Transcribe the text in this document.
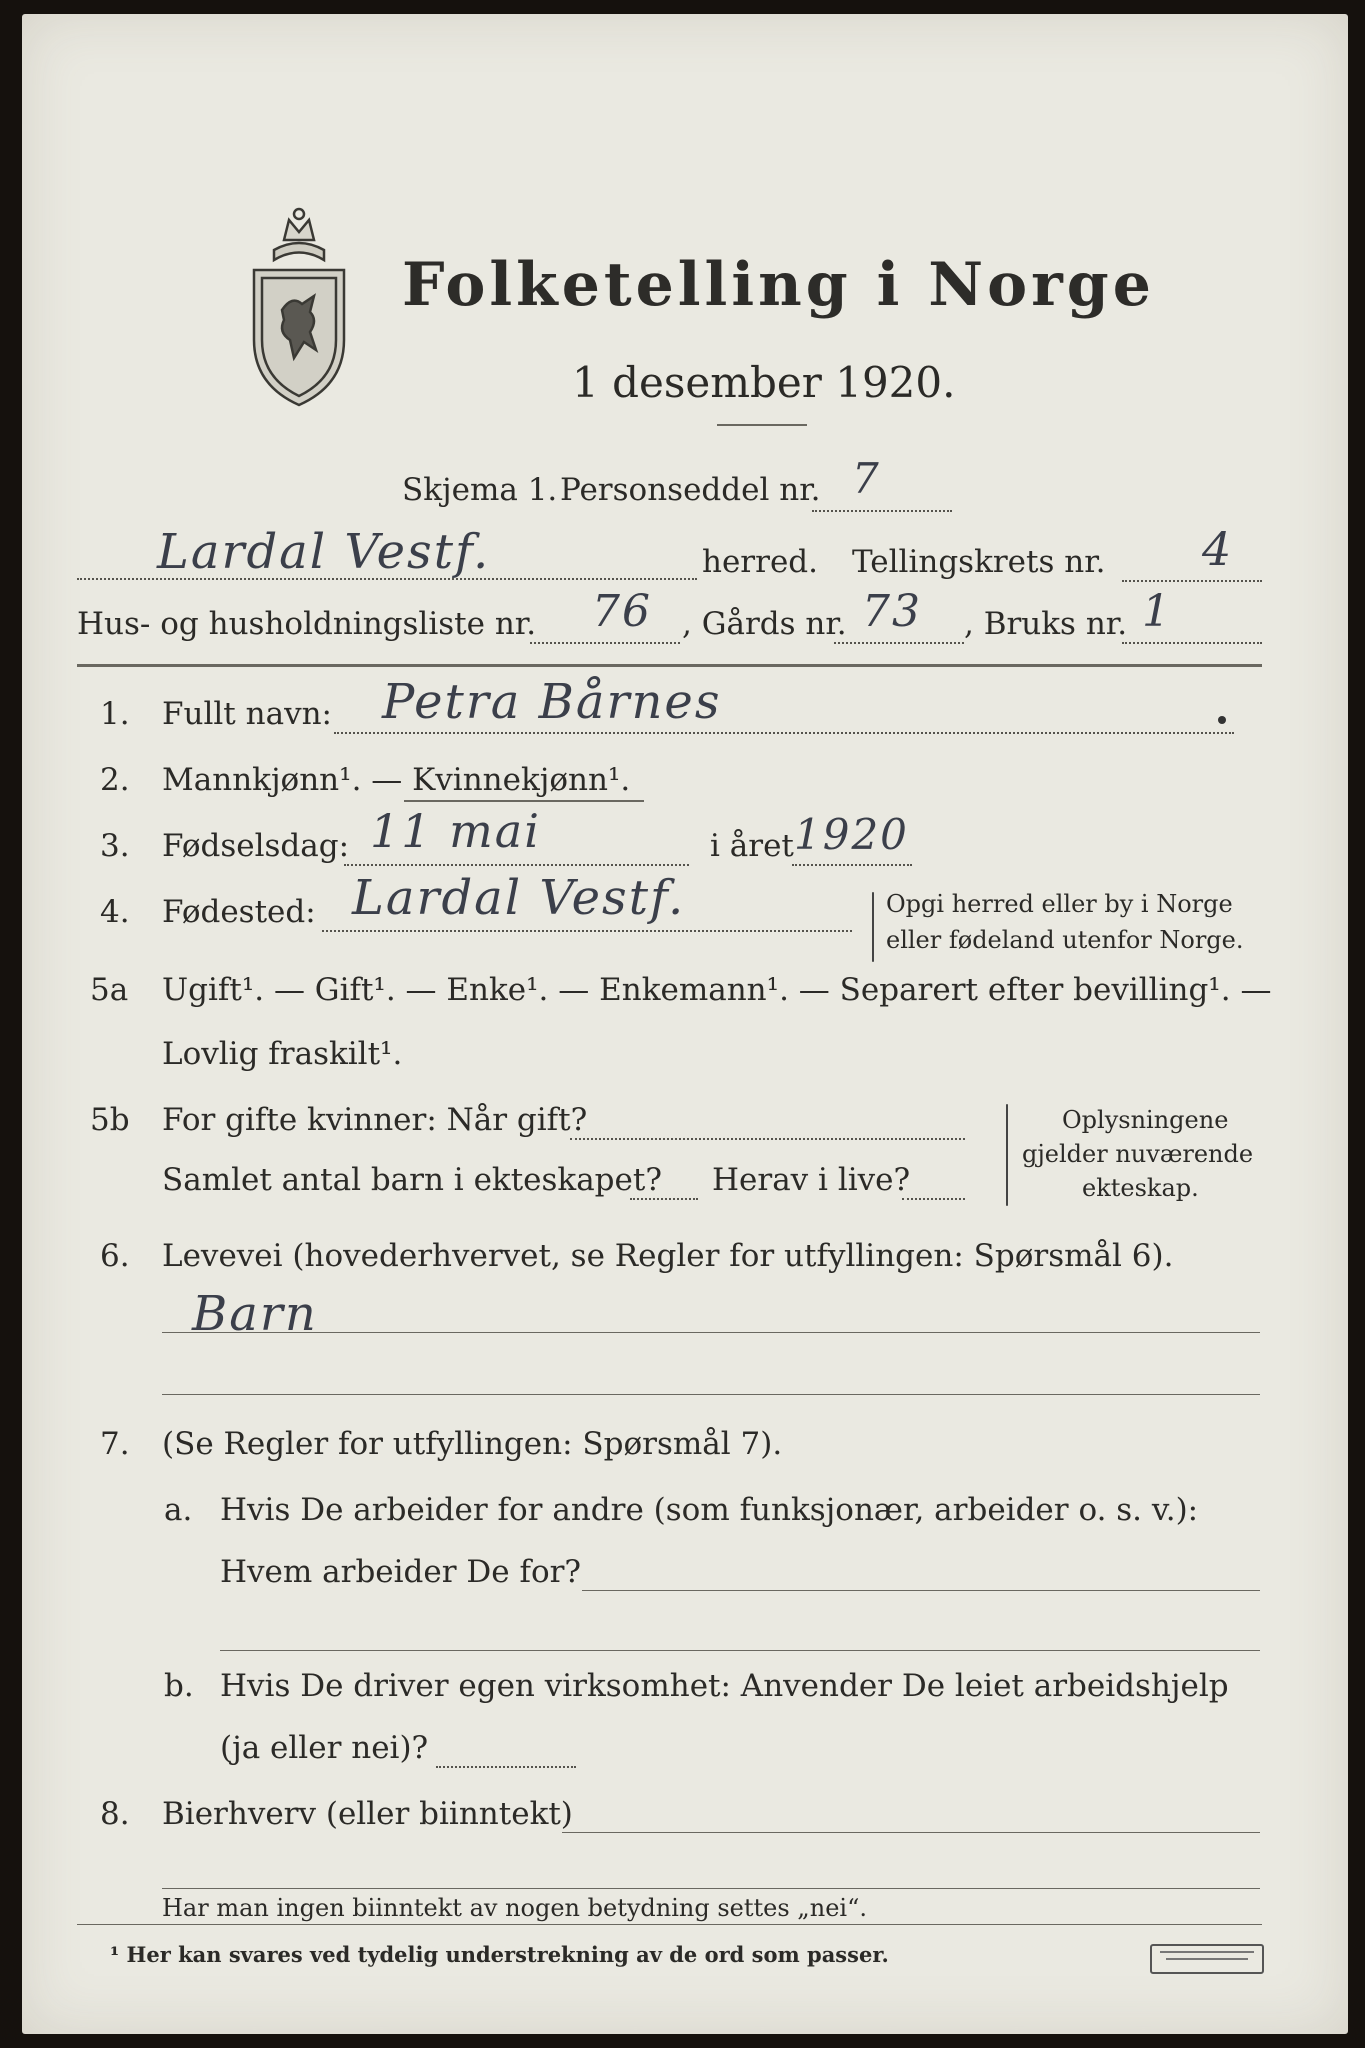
Folketelling i Norge
1 desember 1920.
Skjema 1. Personseddel nr. 7
Lardal Vestf.	herred. Tellingskrets nr. 4
Hus- og husholdningsliste nr. 76 , Gårds nr. 73 , Bruks nr. 1
1. Fullt navn: Petra Bårnes
2. Mannkjønn¹. — Kvinnekjønn¹.
3. Fødselsdag: 11 mai	i året 1920
4. Fødested: Lardal Vestf.	Opgi herred eller by i Norge
eller fødeland utenfor Norge.
5a Ugift¹. — Gift¹. — Enke¹. — Enkemann¹. — Separert efter bevilling¹. —
Lovlig fraskilt¹.
5b For gifte kvinner: Når gift?
Samlet antal barn i ekteskapet? Herav i live?
Oplysningene
gjelder nuværende
ekteskap.
6. Levevei (hovederhvervet, se Regler for utfyllingen: Spørsmål 6).
Barn
7. (Se Regler for utfyllingen: Spørsmål 7).
a. Hvis De arbeider for andre (som funksjonær, arbeider o. s. v.):
Hvem arbeider De for?
b. Hvis De driver egen virksomhet: Anvender De leiet arbeidshjelp
(ja eller nei)?
8. Bierhverv (eller biinntekt)
Har man ingen biinntekt av nogen betydning settes „nei“.
¹ Her kan svares ved tydelig understrekning av de ord som passer.
